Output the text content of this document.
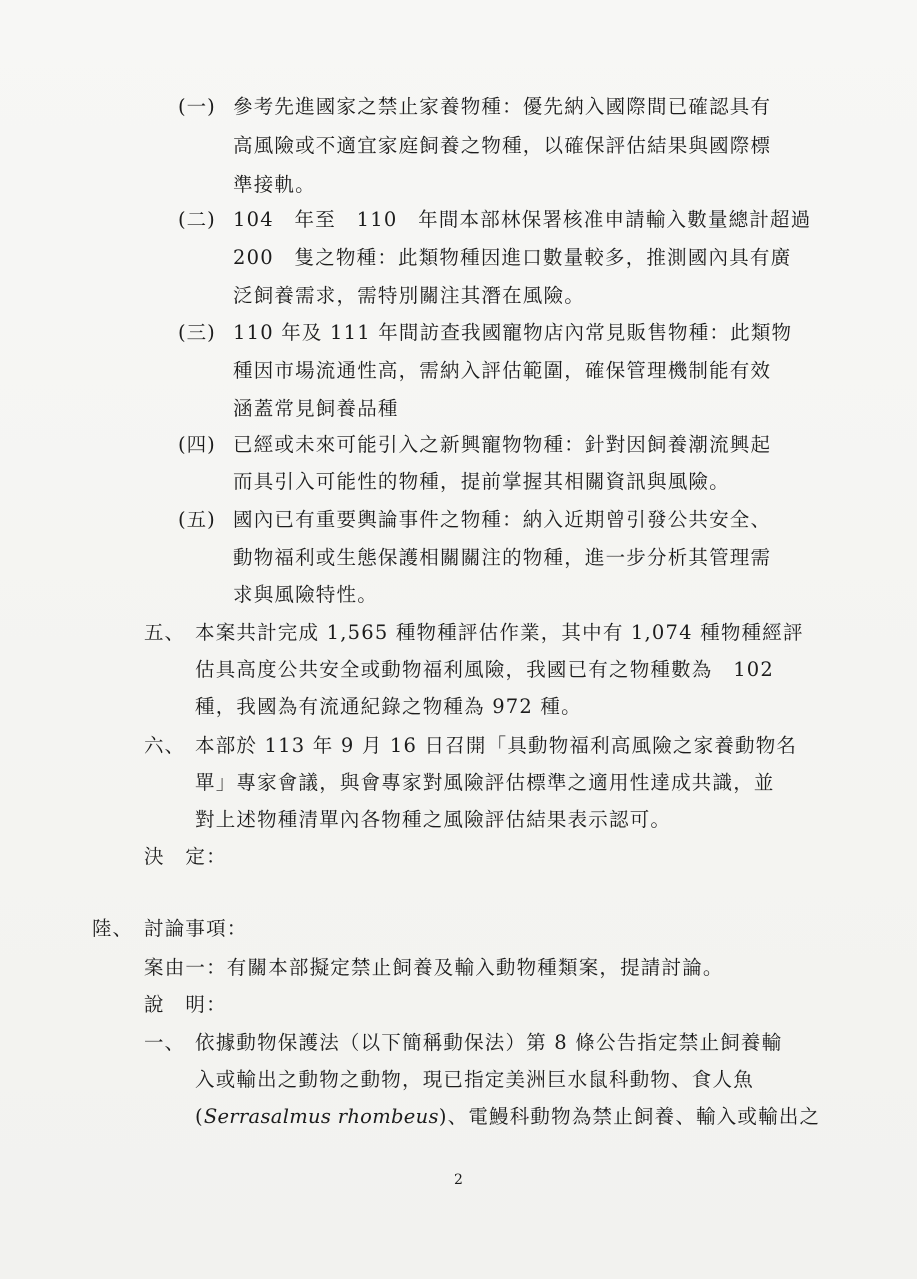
(一) 參考先進國家之禁止家養物種：優先納入國際間已確認具有
高風險或不適宜家庭飼養之物種，以確保評估結果與國際標
準接軌。
(二) 104　年至　110　年間本部林保署核准申請輸入數量總計超過
200　隻之物種：此類物種因進口數量較多，推測國內具有廣
泛飼養需求，需特別關注其潛在風險。
(三) 110 年及 111 年間訪查我國寵物店內常見販售物種：此類物
種因市場流通性高，需納入評估範圍，確保管理機制能有效
涵蓋常見飼養品種
(四) 已經或未來可能引入之新興寵物物種：針對因飼養潮流興起
而具引入可能性的物種，提前掌握其相關資訊與風險。
(五) 國內已有重要輿論事件之物種：納入近期曾引發公共安全、
動物福利或生態保護相關關注的物種，進一步分析其管理需
求與風險特性。
五、 本案共計完成 1,565 種物種評估作業，其中有 1,074 種物種經評
估具高度公共安全或動物福利風險，我國已有之物種數為　102
種，我國為有流通紀錄之物種為 972 種。
六、 本部於 113 年 9 月 16 日召開「具動物福利高風險之家養動物名
單」專家會議，與會專家對風險評估標準之適用性達成共識，並
對上述物種清單內各物種之風險評估結果表示認可。
決　定：
陸、 討論事項：
案由一：有關本部擬定禁止飼養及輸入動物種類案，提請討論。
說　明：
一、 依據動物保護法（以下簡稱動保法）第 8 條公告指定禁止飼養輸
入或輸出之動物之動物，現已指定美洲巨水鼠科動物、食人魚
(Serrasalmus rhombeus)、電鰻科動物為禁止飼養、輸入或輸出之
2
